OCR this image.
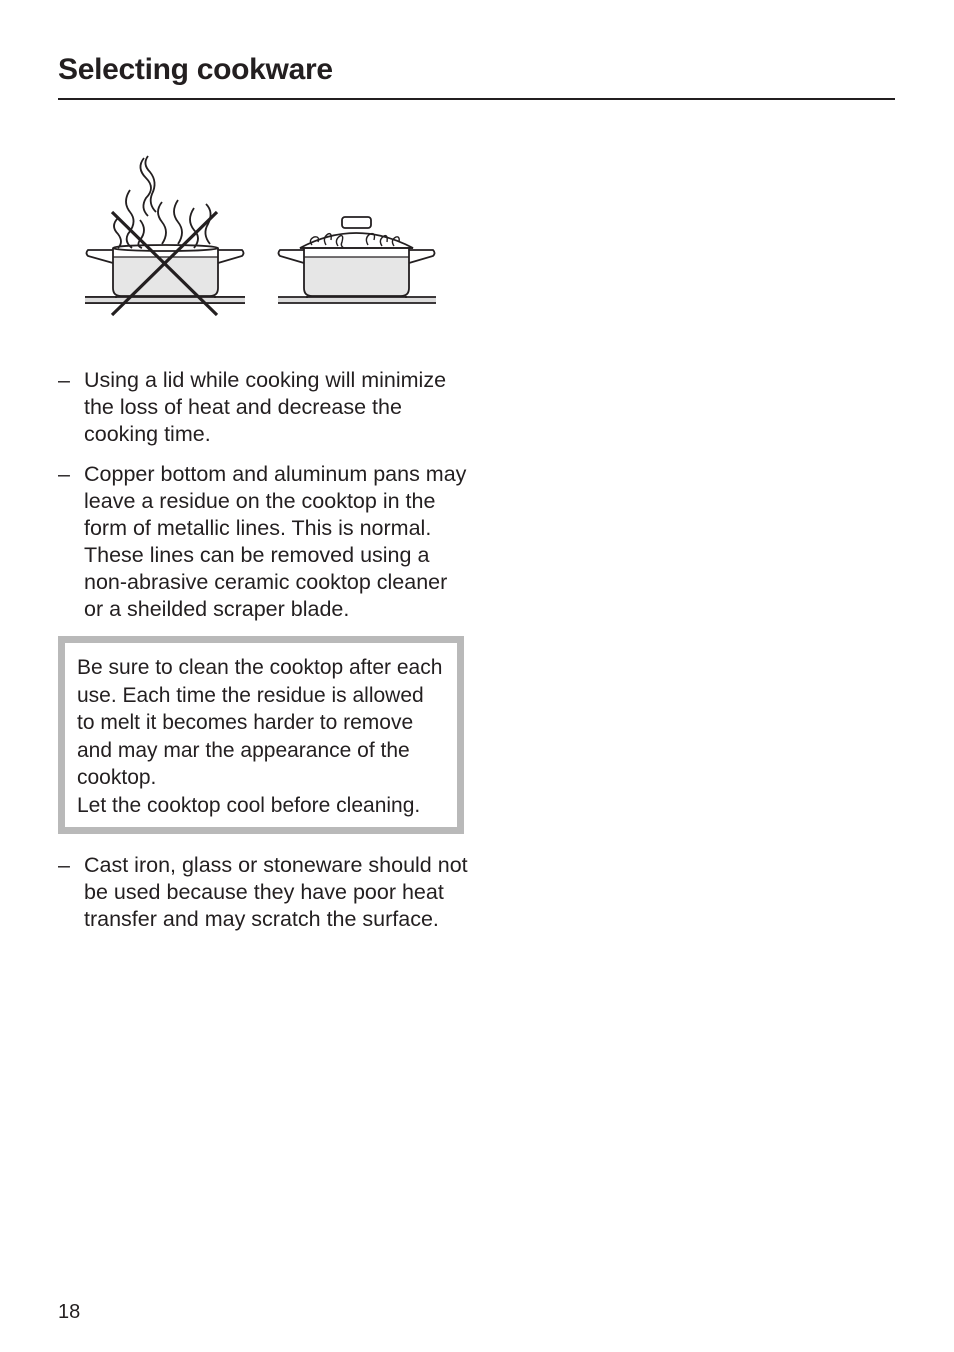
Selecting cookware
– Using a lid while cooking will minimize the loss of heat and decrease the cooking time.
– Copper bottom and aluminum pans may leave a residue on the cooktop in the form of metallic lines. This is normal. These lines can be removed using a non-abrasive ceramic cooktop cleaner or a sheilded scraper blade.

Be sure to clean the cooktop after each use. Each time the residue is allowed to melt it becomes harder to remove and may mar the appearance of the cooktop.

Let the cooktop cool before cleaning.

– Cast iron, glass or stoneware should not be used because they have poor heat transfer and may scratch the surface.
18
